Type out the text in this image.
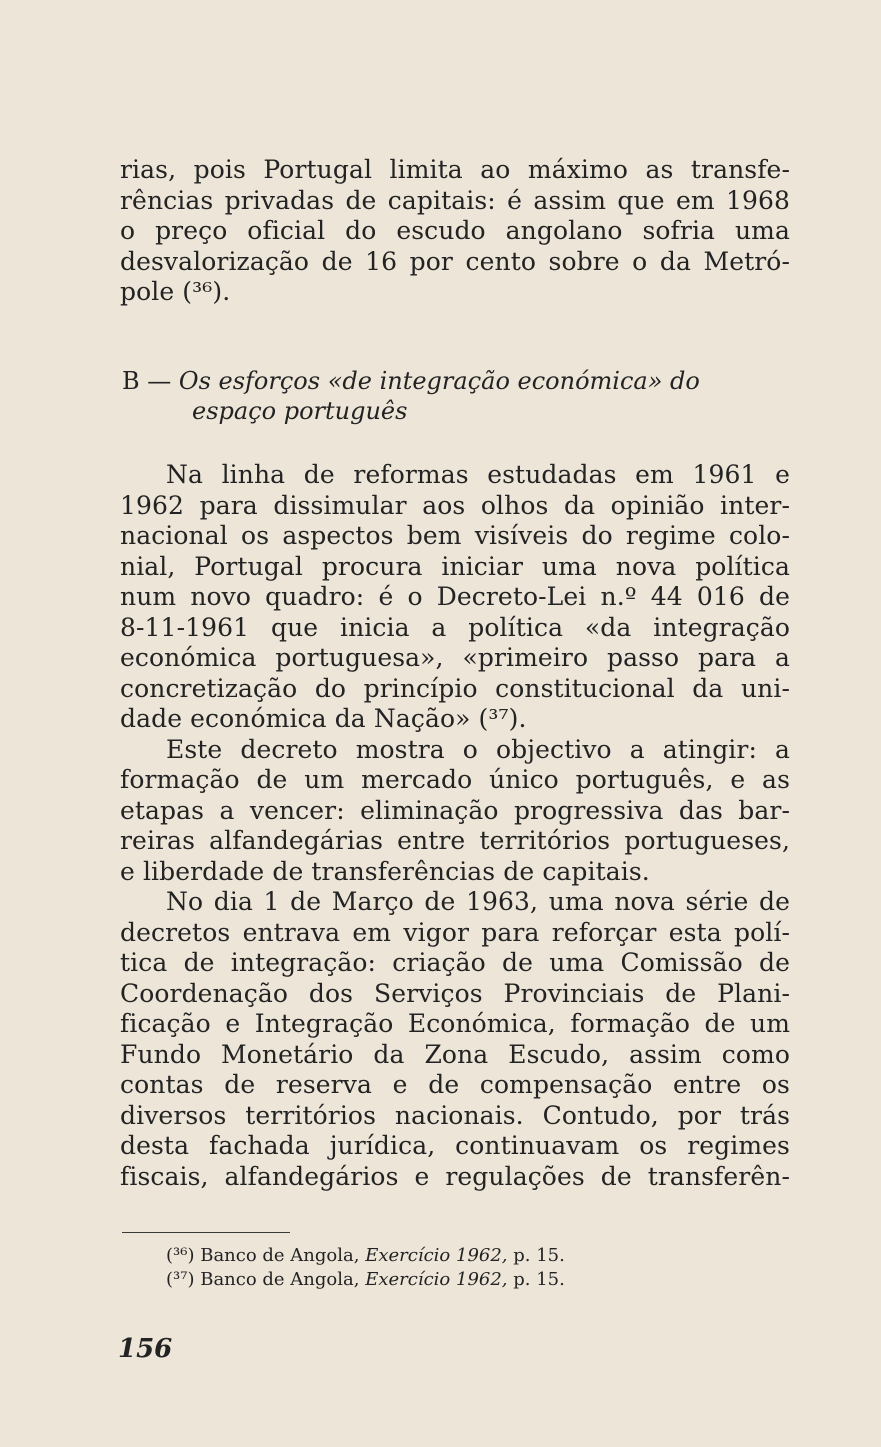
rias, pois Portugal limita ao máximo as transfe-
rências privadas de capitais: é assim que em 1968
o preço oficial do escudo angolano sofria uma
desvalorização de 16 por cento sobre o da Metró-
pole (³⁶).
B — Os esforços «de integração económica» do
espaço português
Na linha de reformas estudadas em 1961 e
1962 para dissimular aos olhos da opinião inter-
nacional os aspectos bem visíveis do regime colo-
nial, Portugal procura iniciar uma nova política
num novo quadro: é o Decreto-Lei n.º 44 016 de
8-11-1961 que inicia a política «da integração
económica portuguesa», «primeiro passo para a
concretização do princípio constitucional da uni-
dade económica da Nação» (³⁷).
Este decreto mostra o objectivo a atingir: a
formação de um mercado único português, e as
etapas a vencer: eliminação progressiva das bar-
reiras alfandegárias entre territórios portugueses,
e liberdade de transferências de capitais.
No dia 1 de Março de 1963, uma nova série de
decretos entrava em vigor para reforçar esta polí-
tica de integração: criação de uma Comissão de
Coordenação dos Serviços Provinciais de Plani-
ficação e Integração Económica, formação de um
Fundo Monetário da Zona Escudo, assim como
contas de reserva e de compensação entre os
diversos territórios nacionais. Contudo, por trás
desta fachada jurídica, continuavam os regimes
fiscais, alfandegários e regulações de transferên-
(³⁶) Banco de Angola, Exercício 1962, p. 15.
(³⁷) Banco de Angola, Exercício 1962, p. 15.
156
